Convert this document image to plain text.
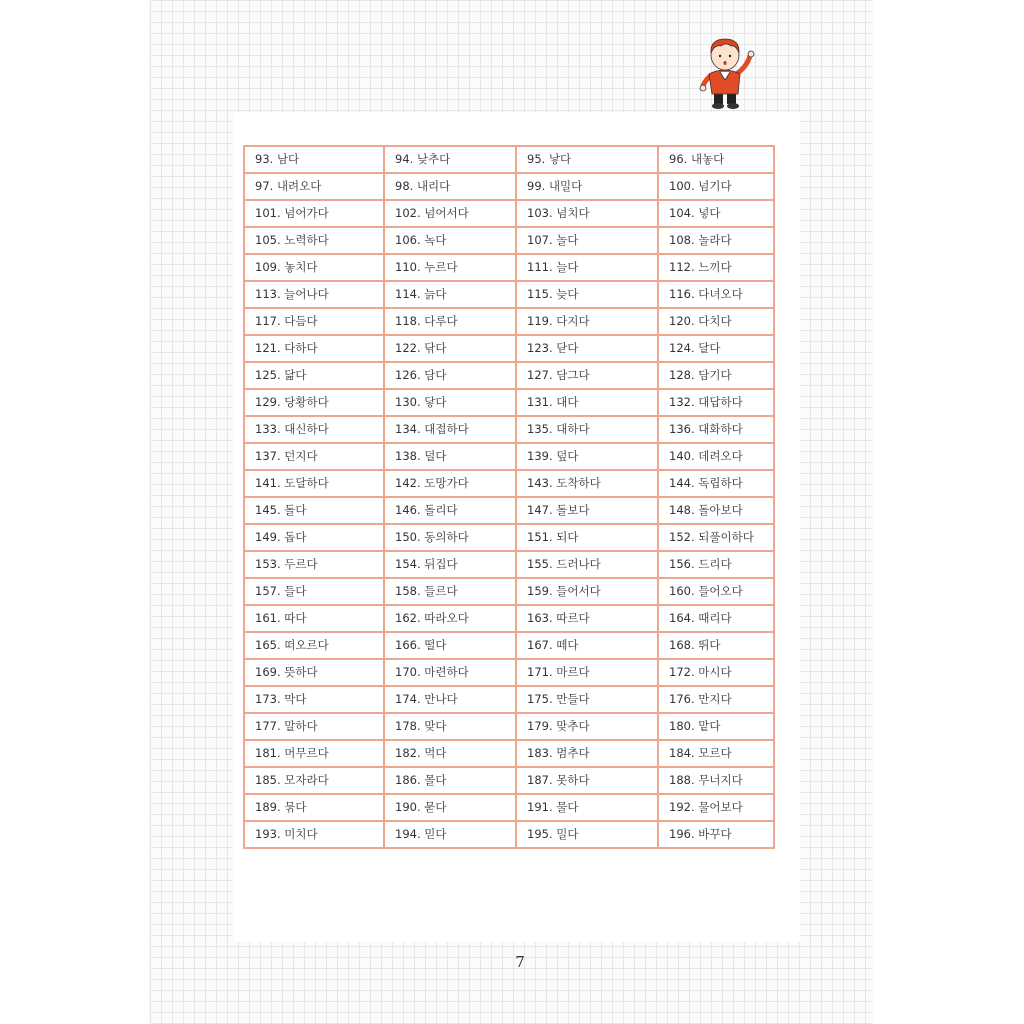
93. 남다	94. 낮추다	95. 낳다	96. 내놓다
97. 내려오다	98. 내리다	99. 내밀다	100. 넘기다
101. 넘어가다	102. 넘어서다	103. 넘치다	104. 넣다
105. 노력하다	106. 녹다	107. 놀다	108. 놀라다
109. 놓치다	110. 누르다	111. 늘다	112. 느끼다
113. 늘어나다	114. 늙다	115. 늦다	116. 다녀오다
117. 다듬다	118. 다루다	119. 다지다	120. 다치다
121. 다하다	122. 닦다	123. 닫다	124. 달다
125. 닮다	126. 담다	127. 담그다	128. 담기다
129. 당황하다	130. 닿다	131. 대다	132. 대답하다
133. 대신하다	134. 대접하다	135. 대하다	136. 대화하다
137. 던지다	138. 덜다	139. 덮다	140. 데려오다
141. 도달하다	142. 도망가다	143. 도착하다	144. 독립하다
145. 돌다	146. 돌리다	147. 돌보다	148. 돌아보다
149. 돕다	150. 동의하다	151. 되다	152. 되풀이하다
153. 두르다	154. 뒤집다	155. 드러나다	156. 드리다
157. 들다	158. 들르다	159. 들어서다	160. 들어오다
161. 따다	162. 따라오다	163. 따르다	164. 때리다
165. 떠오르다	166. 떨다	167. 떼다	168. 뛰다
169. 뜻하다	170. 마련하다	171. 마르다	172. 마시다
173. 막다	174. 만나다	175. 만들다	176. 만지다
177. 말하다	178. 맞다	179. 맞추다	180. 맡다
181. 머무르다	182. 먹다	183. 멈추다	184. 모르다
185. 모자라다	186. 몰다	187. 못하다	188. 무너지다
189. 묶다	190. 묻다	191. 물다	192. 물어보다
193. 미치다	194. 믿다	195. 밀다	196. 바꾸다
7
